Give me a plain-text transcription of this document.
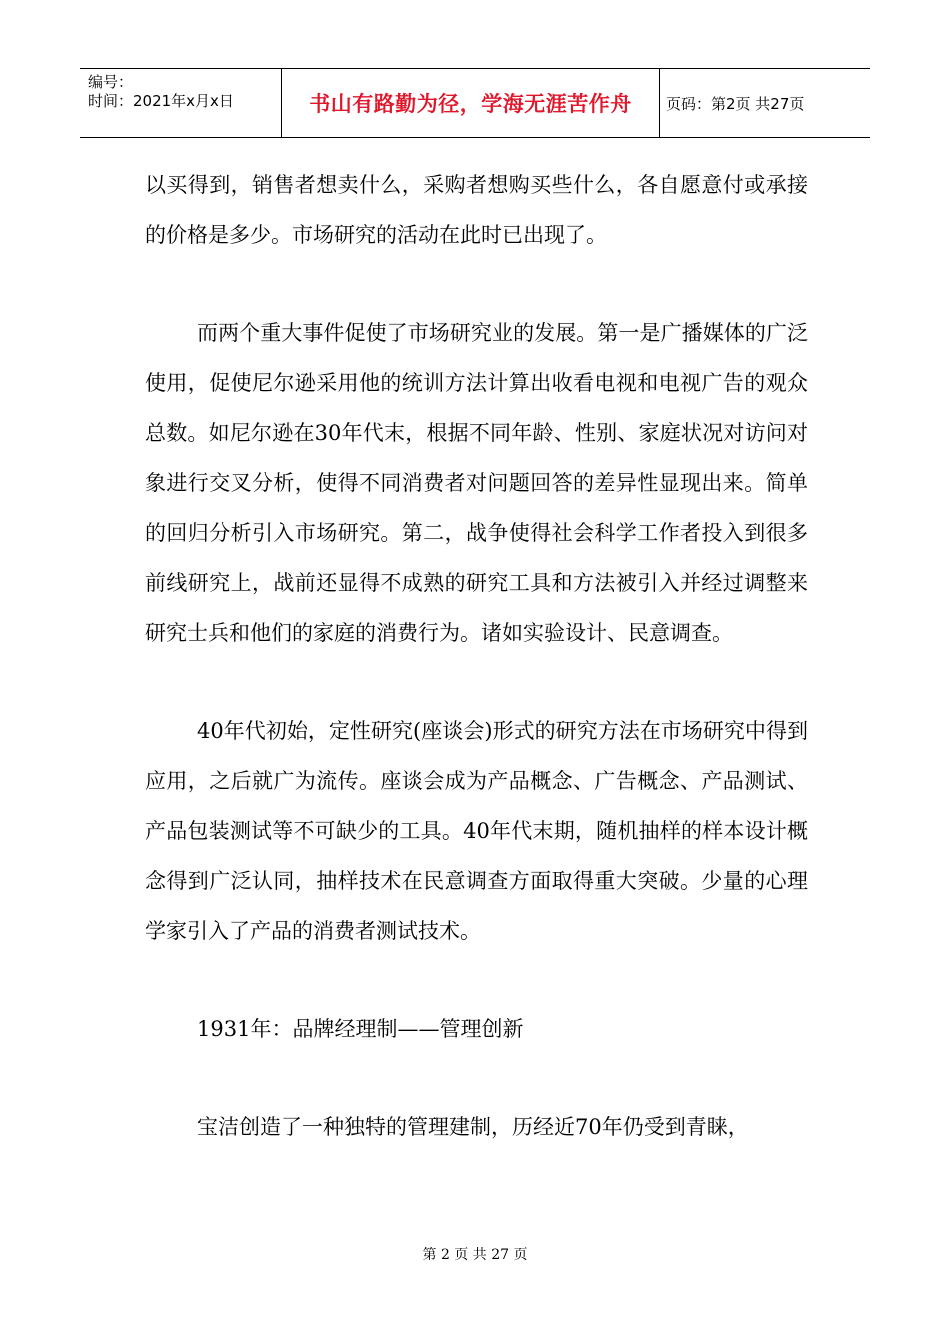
编号：
时间：2021年x月x日	书山有路勤为径，学海无涯苦作舟	页码：第2页 共27页

以买得到，销售者想卖什么，采购者想购买些什么，各自愿意付或承接的价格是多少。市场研究的活动在此时已出现了。

而两个重大事件促使了市场研究业的发展。第一是广播媒体的广泛使用，促使尼尔逊采用他的统训方法计算出收看电视和电视广告的观众总数。如尼尔逊在30年代末，根据不同年龄、性别、家庭状况对访问对象进行交叉分析，使得不同消费者对问题回答的差异性显现出来。简单的回归分析引入市场研究。第二，战争使得社会科学工作者投入到很多前线研究上，战前还显得不成熟的研究工具和方法被引入并经过调整来研究士兵和他们的家庭的消费行为。诸如实验设计、民意调查。

40年代初始，定性研究(座谈会)形式的研究方法在市场研究中得到应用，之后就广为流传。座谈会成为产品概念、广告概念、产品测试、产品包装测试等不可缺少的工具。40年代末期，随机抽样的样本设计概念得到广泛认同，抽样技术在民意调查方面取得重大突破。少量的心理学家引入了产品的消费者测试技术。

1931年：品牌经理制——管理创新

宝洁创造了一种独特的管理建制，历经近70年仍受到青睐，

第 2 页 共 27 页
